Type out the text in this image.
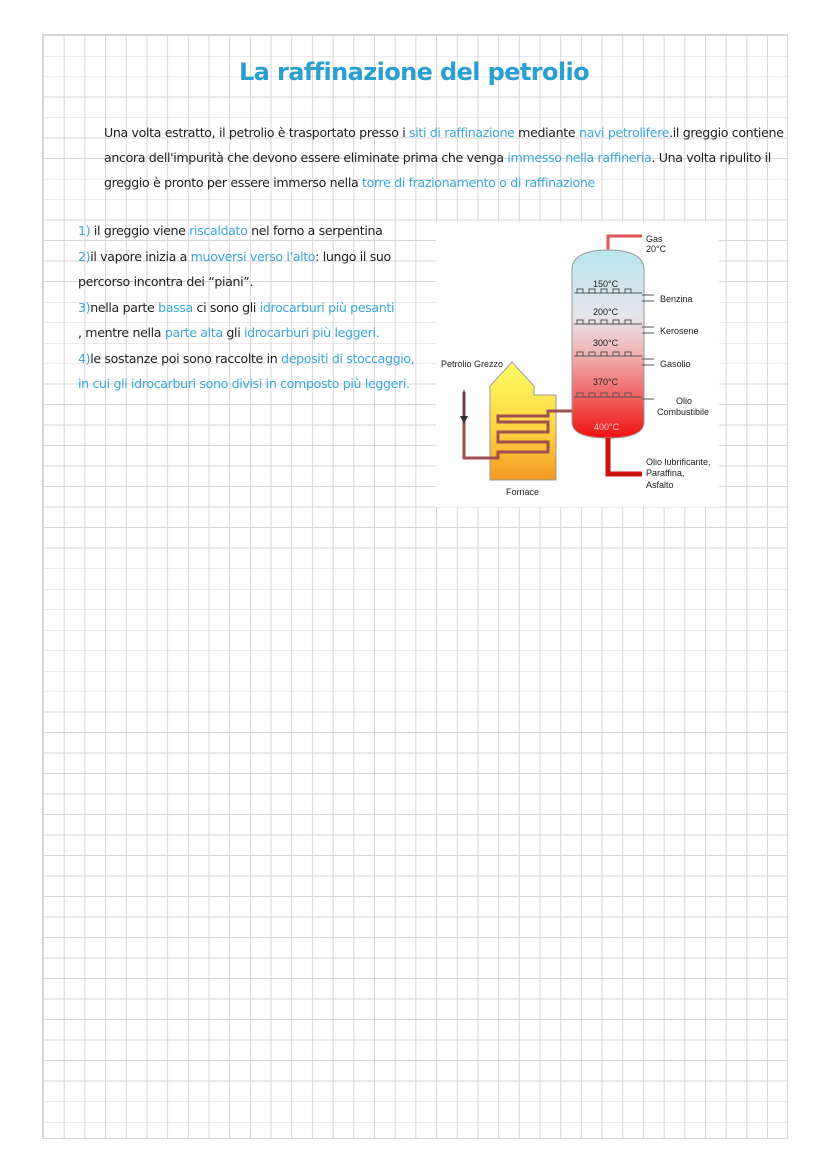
La raffinazione del petrolio
Una volta estratto, il petrolio è trasportato presso i siti di raffinazione mediante navi petrolifere.il greggio contiene ancora dell'impurità che devono essere eliminate prima che venga immesso nella raffineria. Una volta ripulito il greggio è pronto per essere immerso nella torre di frazionamento o di raffinazione
1) il greggio viene riscaldato nel forno a serpentina
2)il vapore inizia a muoversi verso l'alto: lungo il suo
percorso incontra dei “piani”.
3)nella parte bassa ci sono gli idrocarburi più pesanti
, mentre nella parte alta gli idrocarburi più leggeri.
4)le sostanze poi sono raccolte in depositi di stoccaggio,
in cui gli idrocarburi sono divisi in composto più leggeri.
150°C
200°C
300°C
370°C
400°C
Gas
20°C
Benzina
Kerosene
Gasolio
Olio
Combustibile
Olio lubrificante,
Paraffina,
Asfalto
Petrolio Grezzo
Fornace
